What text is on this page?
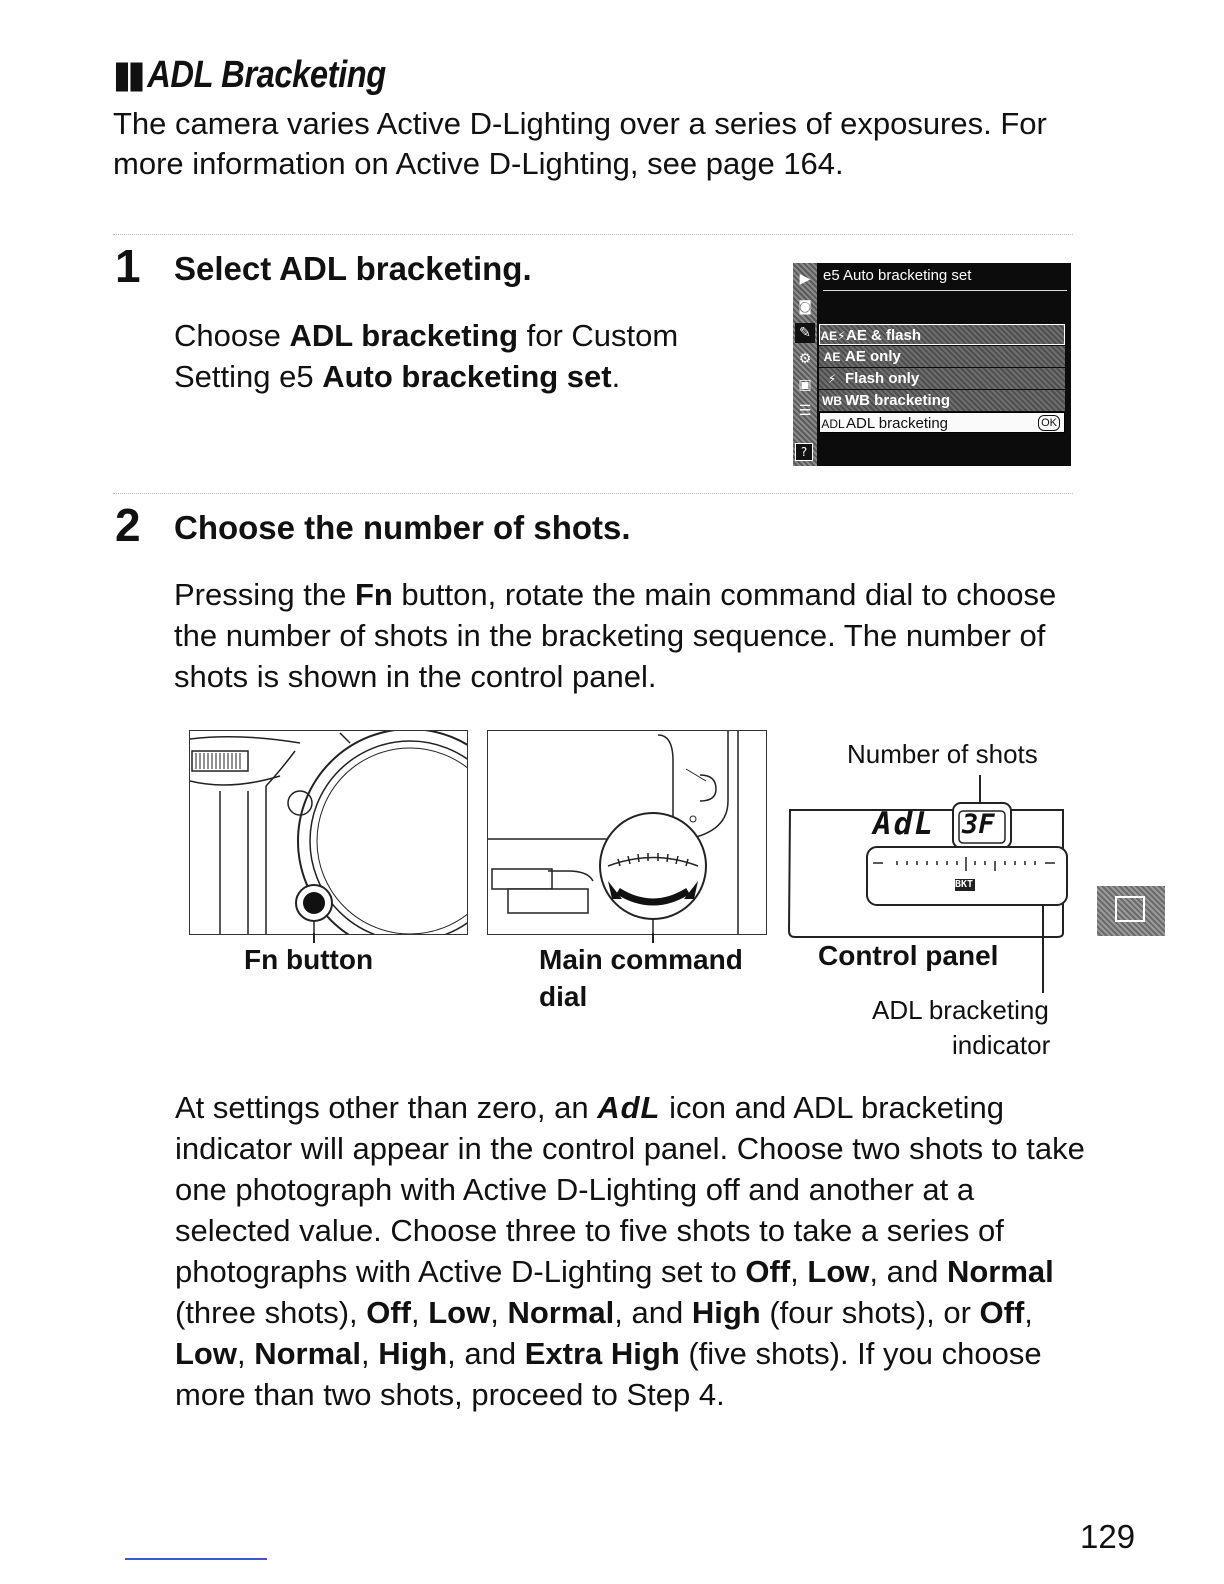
▮▮ ADL Bracketing
The camera varies Active D-Lighting over a series of exposures. For more information on Active D-Lighting, see page 164.
1 Select ADL bracketing.
Choose ADL bracketing for Custom Setting e5 Auto bracketing set.
▶
◙
✎
⚙
▣
☰
?
e5 Auto bracketing set
AE⚡AE & flash
AE AE only
⚡ Flash only
WB WB bracketing
ADLADL bracketing	OK
2 Choose the number of shots.
Pressing the Fn button, rotate the main command dial to choose the number of shots in the bracketing sequence. The number of shots is shown in the control panel.
Fn button	Main command dial
Number of shots
AdL 3F
BKT
Control panel
ADL bracketing
indicator
At settings other than zero, an AdL icon and ADL bracketing indicator will appear in the control panel. Choose two shots to take one photograph with Active D-Lighting off and another at a selected value. Choose three to five shots to take a series of photographs with Active D-Lighting set to Off, Low, and Normal (three shots), Off, Low, Normal, and High (four shots), or Off, Low, Normal, High, and Extra High (five shots). If you choose more than two shots, proceed to Step 4.
129
